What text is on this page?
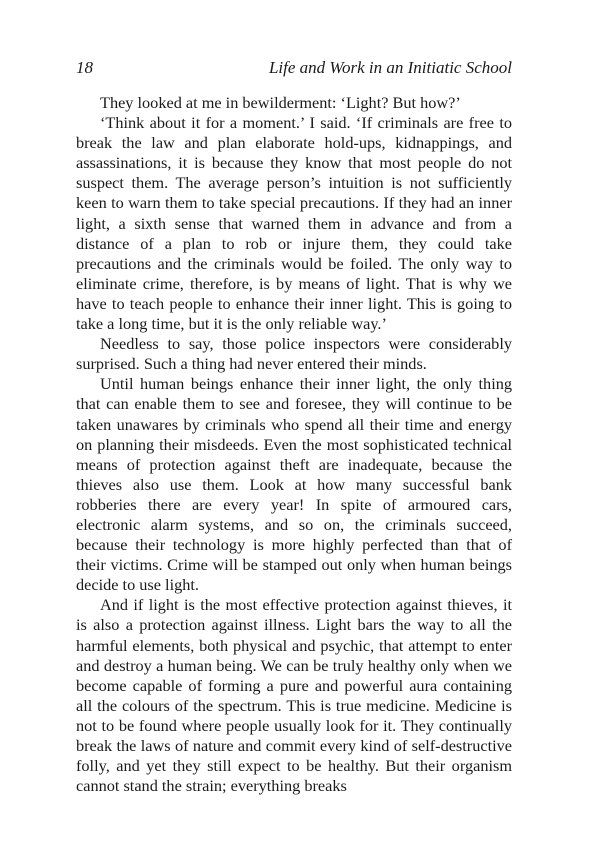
18	Life and Work in an Initiatic School

They looked at me in bewilderment: ‘Light? But how?’

‘Think about it for a moment.’ I said. ‘If criminals are free to break the law and plan elaborate hold-ups, kidnappings, and assassinations, it is because they know that most people do not suspect them. The average person’s intuition is not sufficiently keen to warn them to take special precautions. If they had an inner light, a sixth sense that warned them in advance and from a distance of a plan to rob or injure them, they could take precautions and the criminals would be foiled. The only way to eliminate crime, therefore, is by means of light. That is why we have to teach people to enhance their inner light. This is going to take a long time, but it is the only reliable way.’

Needless to say, those police inspectors were considerably surprised. Such a thing had never entered their minds.

Until human beings enhance their inner light, the only thing that can enable them to see and foresee, they will continue to be taken unawares by criminals who spend all their time and energy on planning their misdeeds. Even the most sophisticated technical means of protection against theft are inadequate, because the thieves also use them. Look at how many successful bank robberies there are every year! In spite of armoured cars, electronic alarm systems, and so on, the criminals succeed, because their technology is more highly perfected than that of their victims. Crime will be stamped out only when human beings decide to use light.

And if light is the most effective protection against thieves, it is also a protection against illness. Light bars the way to all the harmful elements, both physical and psychic, that attempt to enter and destroy a human being. We can be truly healthy only when we become capable of forming a pure and powerful aura containing all the colours of the spectrum. This is true medicine. Medicine is not to be found where people usually look for it. They continually break the laws of nature and commit every kind of self-destructive folly, and yet they still expect to be healthy. But their organism cannot stand the strain; everything breaks
